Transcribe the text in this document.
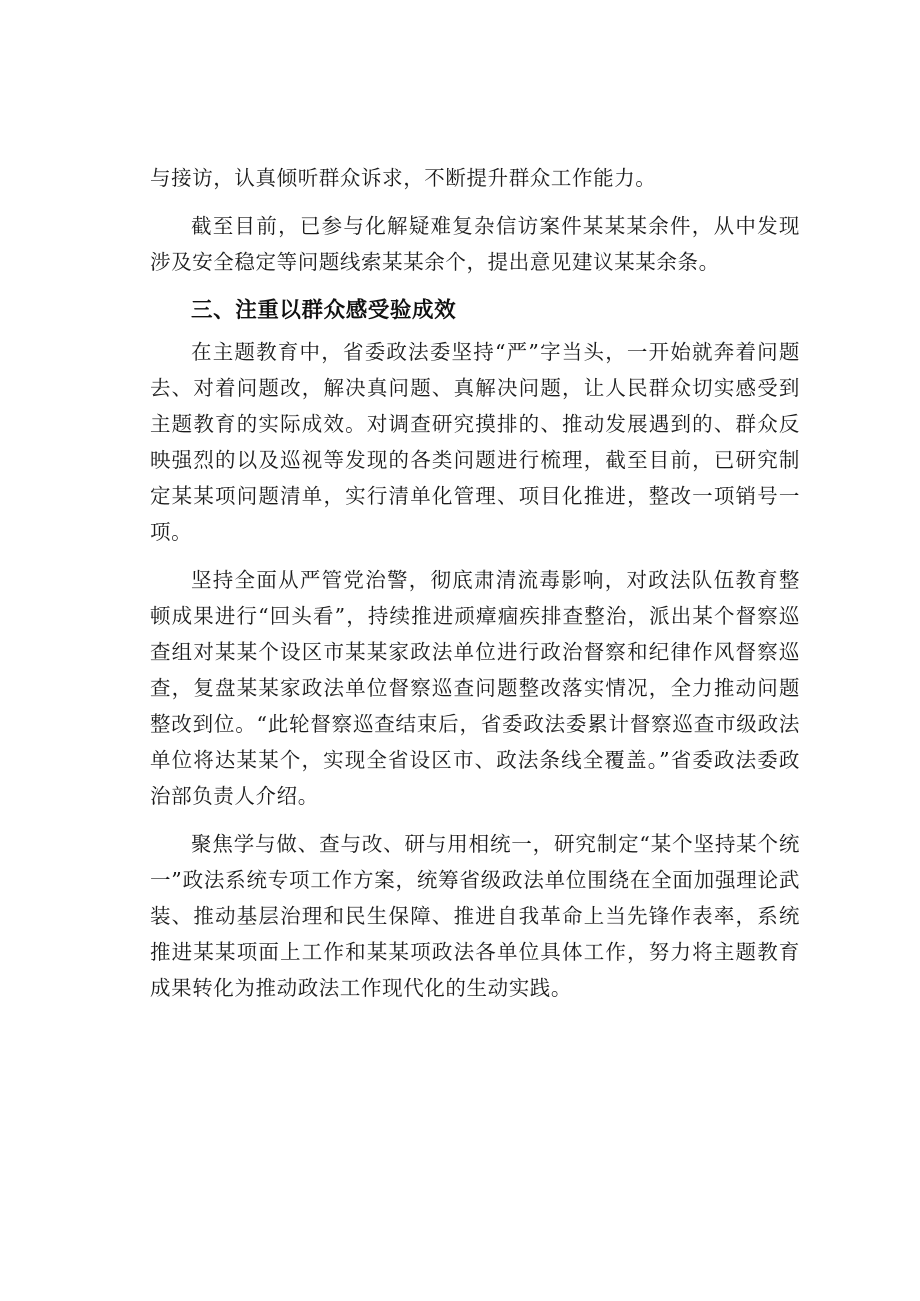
与接访，认真倾听群众诉求，不断提升群众工作能力。

截至目前，已参与化解疑难复杂信访案件某某某余件，从中发现涉及安全稳定等问题线索某某余个，提出意见建议某某余条。

三、注重以群众感受验成效

在主题教育中，省委政法委坚持“严”字当头，一开始就奔着问题去、对着问题改，解决真问题、真解决问题，让人民群众切实感受到主题教育的实际成效。对调查研究摸排的、推动发展遇到的、群众反映强烈的以及巡视等发现的各类问题进行梳理，截至目前，已研究制定某某项问题清单，实行清单化管理、项目化推进，整改一项销号一项。

坚持全面从严管党治警，彻底肃清流毒影响，对政法队伍教育整顿成果进行“回头看”，持续推进顽瘴痼疾排查整治，派出某个督察巡查组对某某个设区市某某家政法单位进行政治督察和纪律作风督察巡查，复盘某某家政法单位督察巡查问题整改落实情况，全力推动问题整改到位。“此轮督察巡查结束后，省委政法委累计督察巡查市级政法单位将达某某个，实现全省设区市、政法条线全覆盖。”省委政法委政治部负责人介绍。

聚焦学与做、查与改、研与用相统一，研究制定“某个坚持某个统一”政法系统专项工作方案，统筹省级政法单位围绕在全面加强理论武装、推动基层治理和民生保障、推进自我革命上当先锋作表率，系统推进某某项面上工作和某某项政法各单位具体工作，努力将主题教育成果转化为推动政法工作现代化的生动实践。
